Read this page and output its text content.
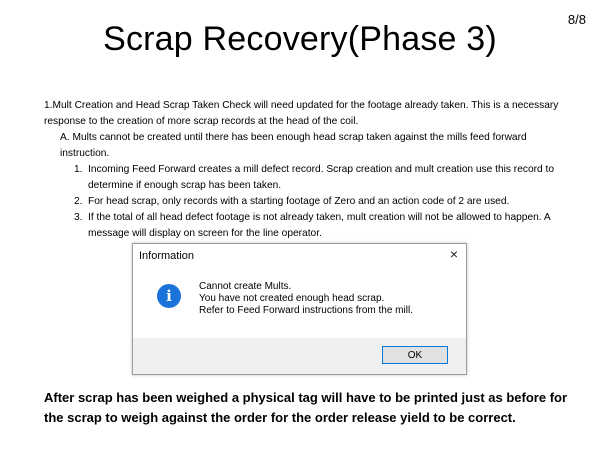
8/8
Scrap Recovery(Phase 3)

1.Mult Creation and Head Scrap Taken Check will need updated for the footage already taken. This is a necessary response to the creation of more scrap records at the head of the coil.

A. Mults cannot be created until there has been enough head scrap taken against the mills feed forward instruction.

1. Incoming Feed Forward creates a mill defect record. Scrap creation and mult creation use this record to determine if enough scrap has been taken.
2. For head scrap, only records with a starting footage of Zero and an action code of 2 are used.
3. If the total of all head defect footage is not already taken, mult creation will not be allowed to happen. A message will display on screen for the line operator.
Information	×
i
Cannot create Mults.
You have not created enough head scrap.
Refer to Feed Forward instructions from the mill.
OK
After scrap has been weighed a physical tag will have to be printed just as before for the scrap to weigh against the order for the order release yield to be correct.
